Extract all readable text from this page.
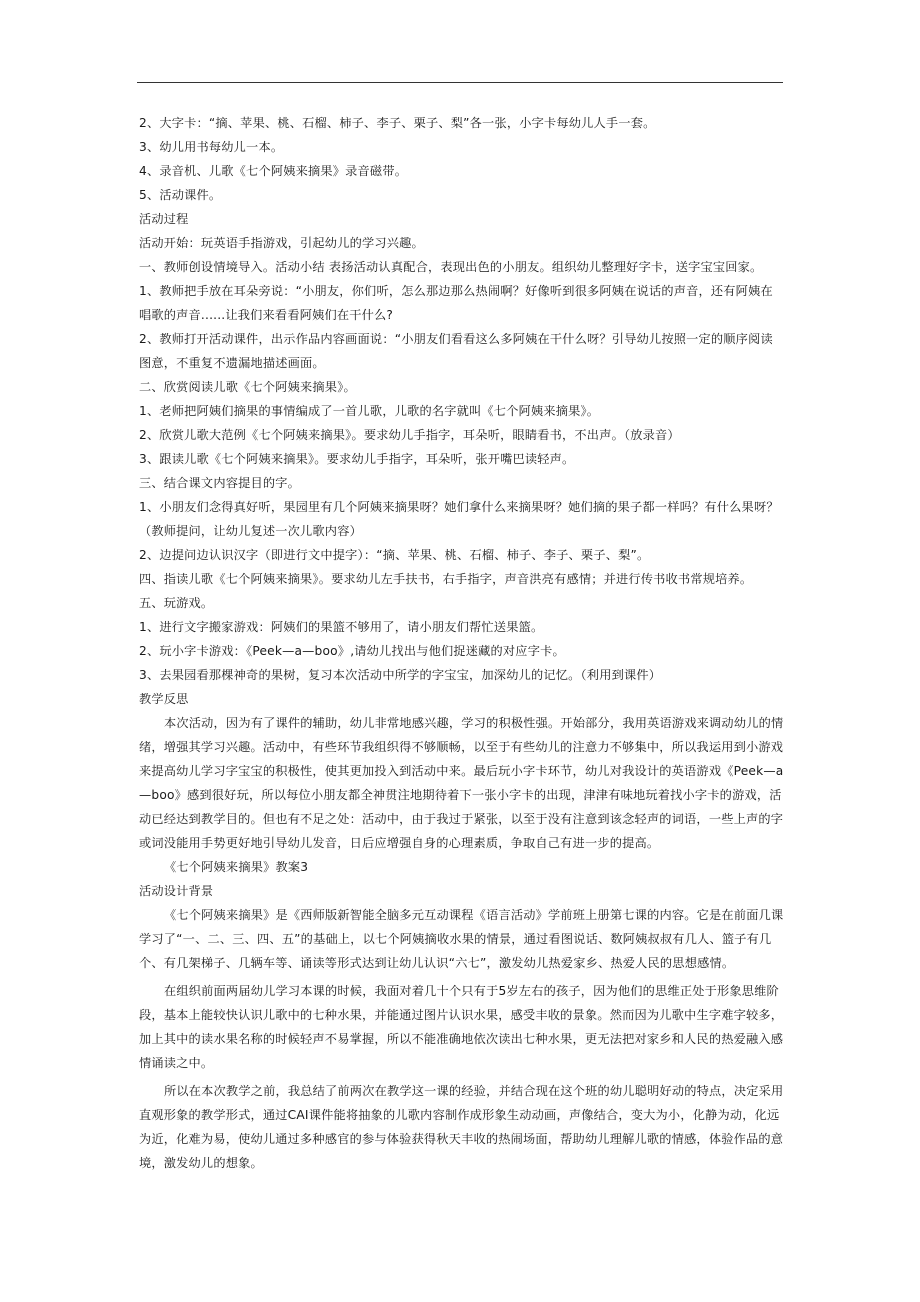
2、大字卡：“摘、苹果、桃、石榴、柿子、李子、栗子、梨”各一张，小字卡每幼儿人手一套。

3、幼儿用书每幼儿一本。

4、录音机、儿歌《七个阿姨来摘果》录音磁带。

5、活动课件。

活动过程

活动开始：玩英语手指游戏，引起幼儿的学习兴趣。

一、教师创设情境导入。活动小结 表扬活动认真配合，表现出色的小朋友。组织幼儿整理好字卡，送字宝宝回家。

1、教师把手放在耳朵旁说：“小朋友，你们听，怎么那边那么热闹啊？好像听到很多阿姨在说话的声音，还有阿姨在唱歌的声音......让我们来看看阿姨们在干什么?

2、教师打开活动课件，出示作品内容画面说：“小朋友们看看这么多阿姨在干什么呀？引导幼儿按照一定的顺序阅读图意，不重复不遗漏地描述画面。

二、欣赏阅读儿歌《七个阿姨来摘果》。

1、老师把阿姨们摘果的事情编成了一首儿歌，儿歌的名字就叫《七个阿姨来摘果》。

2、欣赏儿歌大范例《七个阿姨来摘果》。要求幼儿手指字，耳朵听，眼睛看书，不出声。（放录音）

3、跟读儿歌《七个阿姨来摘果》。要求幼儿手指字，耳朵听，张开嘴巴读轻声。

三、结合课文内容提目的字。

1、小朋友们念得真好听，果园里有几个阿姨来摘果呀？她们拿什么来摘果呀？她们摘的果子都一样吗？有什么果呀？（教师提问，让幼儿复述一次儿歌内容）

2、边提问边认识汉字（即进行文中提字）：“摘、苹果、桃、石榴、柿子、李子、栗子、梨”。

四、指读儿歌《七个阿姨来摘果》。要求幼儿左手扶书，右手指字，声音洪亮有感情；并进行传书收书常规培养。

五、玩游戏。

1、进行文字搬家游戏：阿姨们的果篮不够用了，请小朋友们帮忙送果篮。

2、玩小字卡游戏：《Peek—a—boo》,请幼儿找出与他们捉迷藏的对应字卡。

3、去果园看那棵神奇的果树，复习本次活动中所学的字宝宝，加深幼儿的记忆。（利用到课件）

教学反思

本次活动，因为有了课件的辅助，幼儿非常地感兴趣，学习的积极性强。开始部分，我用英语游戏来调动幼儿的情绪，增强其学习兴趣。活动中，有些环节我组织得不够顺畅，以至于有些幼儿的注意力不够集中，所以我运用到小游戏来提高幼儿学习字宝宝的积极性，使其更加投入到活动中来。最后玩小字卡环节，幼儿对我设计的英语游戏《Peek—a—boo》感到很好玩，所以每位小朋友都全神贯注地期待着下一张小字卡的出现，津津有味地玩着找小字卡的游戏，活动已经达到教学目的。但也有不足之处：活动中，由于我过于紧张，以至于没有注意到该念轻声的词语，一些上声的字或词没能用手势更好地引导幼儿发音，日后应增强自身的心理素质，争取自己有进一步的提高。

《七个阿姨来摘果》教案3

活动设计背景

《七个阿姨来摘果》是《西师版新智能全脑多元互动课程《语言活动》学前班上册第七课的内容。它是在前面几课学习了“一、二、三、四、五”的基础上，以七个阿姨摘收水果的情景，通过看图说话、数阿姨叔叔有几人、篮子有几个、有几架梯子、几辆车等、诵读等形式达到让幼儿认识“六七”，激发幼儿热爱家乡、热爱人民的思想感情。

在组织前面两届幼儿学习本课的时候，我面对着几十个只有于5岁左右的孩子，因为他们的思维正处于形象思维阶段，基本上能较快认识儿歌中的七种水果，并能通过图片认识水果，感受丰收的景象。然而因为儿歌中生字难字较多，加上其中的读水果名称的时候轻声不易掌握，所以不能准确地依次读出七种水果，更无法把对家乡和人民的热爱融入感情诵读之中。

所以在本次教学之前，我总结了前两次在教学这一课的经验，并结合现在这个班的幼儿聪明好动的特点，决定采用直观形象的教学形式，通过CAI课件能将抽象的儿歌内容制作成形象生动动画，声像结合，变大为小，化静为动，化远为近，化难为易，使幼儿通过多种感官的参与体验获得秋天丰收的热闹场面，帮助幼儿理解儿歌的情感，体验作品的意境，激发幼儿的想象。
